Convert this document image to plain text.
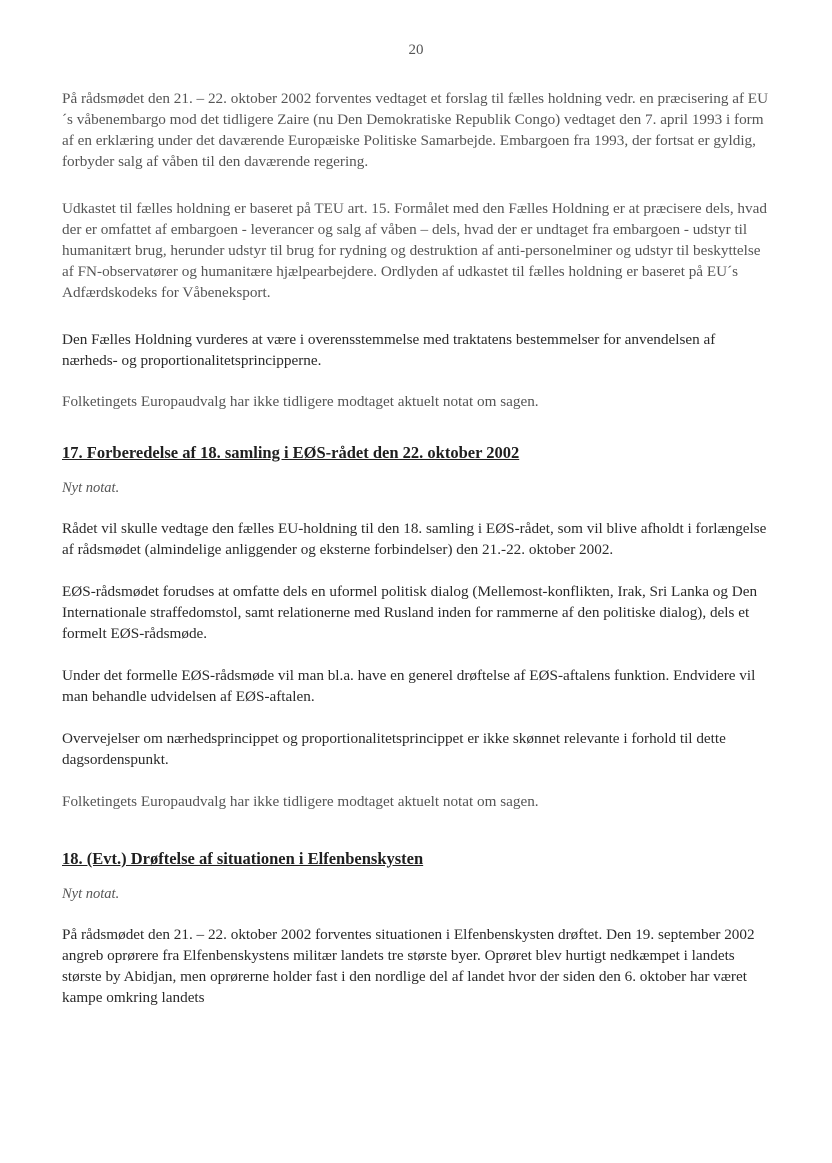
20

På rådsmødet den 21. – 22. oktober 2002 forventes vedtaget et forslag til fælles holdning vedr. en præcisering af EU´s våbenembargo mod det tidligere Zaire (nu Den Demokratiske Republik Congo) vedtaget den 7. april 1993 i form af en erklæring under det daværende Europæiske Politiske Samarbejde. Embargoen fra 1993, der fortsat er gyldig, forbyder salg af våben til den daværende regering.

Udkastet til fælles holdning er baseret på TEU art. 15. Formålet med den Fælles Holdning er at præcisere dels, hvad der er omfattet af embargoen - leverancer og salg af våben – dels, hvad der er undtaget fra embargoen - udstyr til humanitært brug, herunder udstyr til brug for rydning og destruktion af anti-personelminer og udstyr til beskyttelse af FN-observatører og humanitære hjælpearbejdere. Ordlyden af udkastet til fælles holdning er baseret på EU´s Adfærdskodeks for Våbeneksport.

Den Fælles Holdning vurderes at være i overensstemmelse med traktatens bestemmelser for anvendelsen af nærheds- og proportionalitetsprincipperne.

Folketingets Europaudvalg har ikke tidligere modtaget aktuelt notat om sagen.

17. Forberedelse af 18. samling i EØS-rådet den 22. oktober 2002

Nyt notat.

Rådet vil skulle vedtage den fælles EU-holdning til den 18. samling i EØS-rådet, som vil blive afholdt i forlængelse af rådsmødet (almindelige anliggender og eksterne forbindelser) den 21.-22. oktober 2002.

EØS-rådsmødet forudses at omfatte dels en uformel politisk dialog (Mellemost-konflikten, Irak, Sri Lanka og Den Internationale straffedomstol, samt relationerne med Rusland inden for rammerne af den politiske dialog), dels et formelt EØS-rådsmøde.

Under det formelle EØS-rådsmøde vil man bl.a. have en generel drøftelse af EØS-aftalens funktion. Endvidere vil man behandle udvidelsen af EØS-aftalen.

Overvejelser om nærhedsprincippet og proportionalitetsprincippet er ikke skønnet relevante i forhold til dette dagsordenspunkt.

Folketingets Europaudvalg har ikke tidligere modtaget aktuelt notat om sagen.

18. (Evt.) Drøftelse af situationen i Elfenbenskysten

Nyt notat.

På rådsmødet den 21. – 22. oktober 2002 forventes situationen i Elfenbenskysten drøftet. Den 19. september 2002 angreb oprørere fra Elfenbenskystens militær landets tre største byer. Oprøret blev hurtigt nedkæmpet i landets største by Abidjan, men oprørerne holder fast i den nordlige del af landet hvor der siden den 6. oktober har været kampe omkring landets
